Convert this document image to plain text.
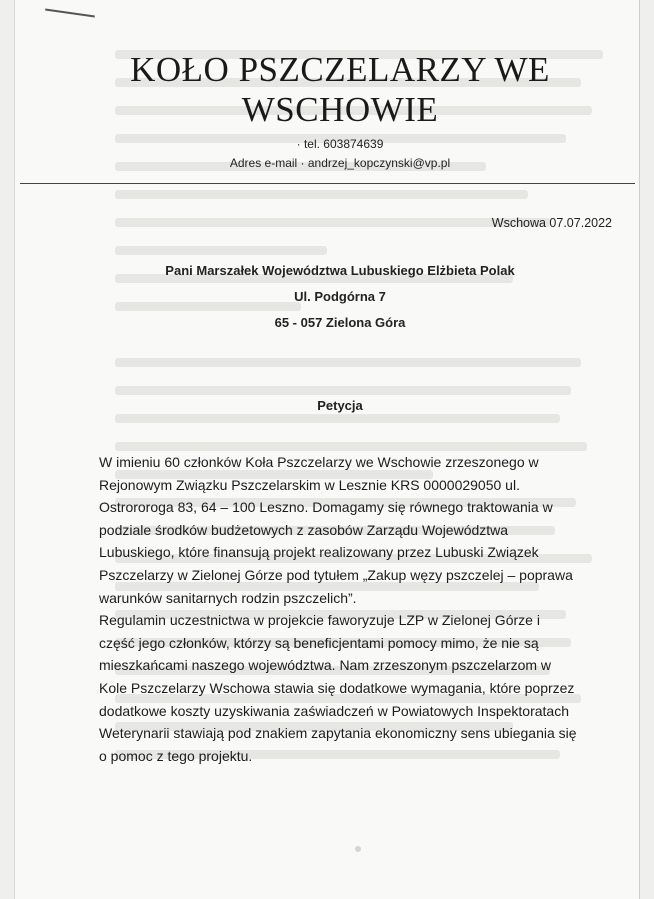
KOŁO PSZCZELARZY WE WSCHOWIE
· tel. 603874639
Adres e-mail · andrzej_kopczynski@vp.pl
Wschowa 07.07.2022
Pani Marszałek Województwa Lubuskiego Elżbieta Polak
Ul. Podgórna 7
65 - 057 Zielona Góra
Petycja

W imieniu 60 członków Koła Pszczelarzy we Wschowie zrzeszonego w Rejonowym Związku Pszczelarskim w Lesznie KRS 0000029050 ul. Ostrororoga 83, 64 – 100 Leszno. Domagamy się równego traktowania w podziale środków budżetowych z zasobów Zarządu Województwa Lubuskiego, które finansują projekt realizowany przez Lubuski Związek Pszczelarzy w Zielonej Górze pod tytułem „Zakup węzy pszczelej – poprawa warunków sanitarnych rodzin pszczelich”.

Regulamin uczestnictwa w projekcie faworyzuje LZP w Zielonej Górze i część jego członków, którzy są beneficjentami pomocy mimo, że nie są mieszkańcami naszego województwa. Nam zrzeszonym pszczelarzom w Kole Pszczelarzy Wschowa stawia się dodatkowe wymagania, które poprzez dodatkowe koszty uzyskiwania zaświadczeń w Powiatowych Inspektoratach Weterynarii stawiają pod znakiem zapytania ekonomiczny sens ubiegania się o pomoc z tego projektu.
